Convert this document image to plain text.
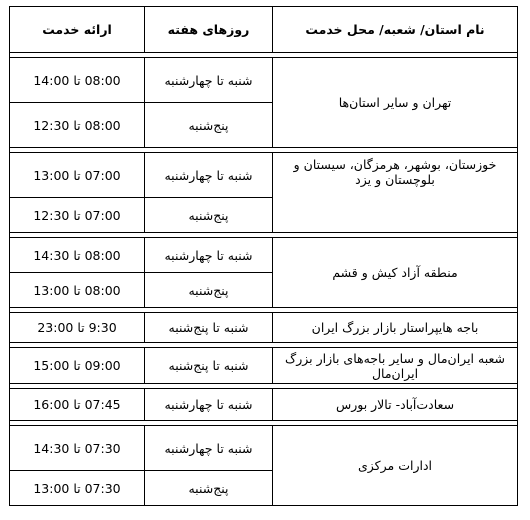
نام استان/ شعبه/ محل خدمت	روزهای هفته	ارائه خدمت

تهران و سایر استان‌ها	شنبه تا چهارشنبه	08:00 تا 14:00
	پنج‌شنبه	08:00 تا 12:30

خوزستان، بوشهر، هرمزگان، سیستان و بلوچستان و یزد	شنبه تا چهارشنبه	07:00 تا 13:00
	پنج‌شنبه	07:00 تا 12:30

منطقه آزاد کیش و قشم	شنبه تا چهارشنبه	08:00 تا 14:30
	پنج‌شنبه	08:00 تا 13:00

باجه هایپراستار بازار بزرگ ایران	شنبه تا پنج‌شنبه	9:30 تا 23:00

شعبه ایران‌مال و سایر باجه‌های بازار بزرگ ایران‌مال	شنبه تا پنج‌شنبه	09:00 تا 15:00

سعادت‌آباد- تالار بورس	شنبه تا چهارشنبه	07:45 تا 16:00

ادارات مرکزی	شنبه تا چهارشنبه	07:30 تا 14:30
	پنج‌شنبه	07:30 تا 13:00
